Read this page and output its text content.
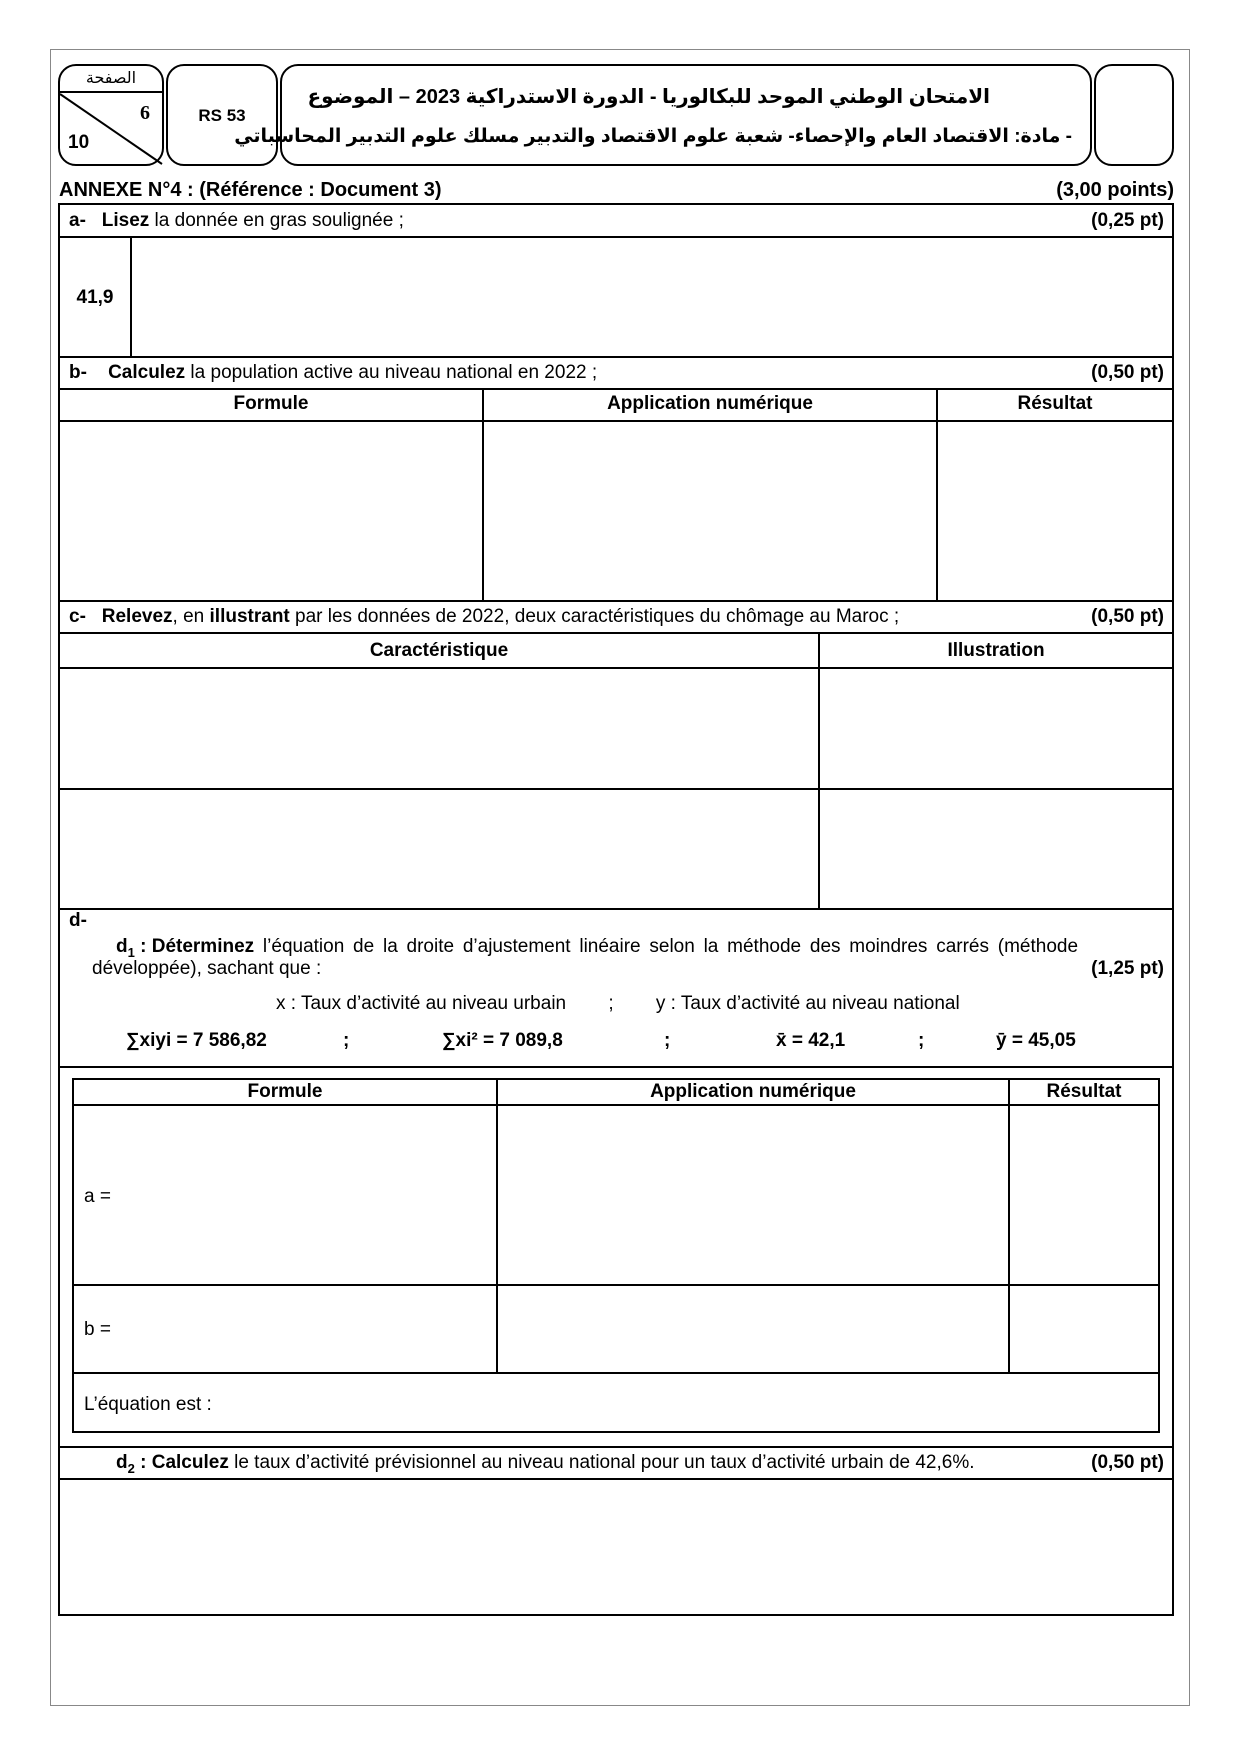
الصفحة
6
10
RS 53
الامتحان الوطني الموحد للبكالوريا - الدورة الاستدراكية 2023 – الموضوع
- مادة: الاقتصاد العام والإحصاء- شعبة علوم الاقتصاد والتدبير مسلك علوم التدبير المحاسباتي
ANNEXE N°4 : (Référence : Document 3)	(3,00 points)
a- Lisez la donnée en gras soulignée ;	(0,25 pt)
41,9
b- Calculez la population active au niveau national en 2022 ;	(0,50 pt)
Formule	Application numérique	Résultat
c- Relevez, en illustrant par les données de 2022, deux caractéristiques du chômage au Maroc ;	(0,50 pt)
Caractéristique	Illustration
d-
$d_1$ : Déterminez l’équation de la droite d’ajustement linéaire selon la méthode des moindres carrés (méthode
développée), sachant que :	(1,25 pt)
x : Taux d’activité au niveau urbain        ;        y : Taux d’activité au niveau national
∑xiyi = 7 586,82	;	∑xi² = 7 089,8	;	x̄ = 42,1	;	ȳ = 45,05
Formule	Application numérique	Résultat
a =
b =
L’équation est :
$d_2$ : Calculez le taux d’activité prévisionnel au niveau national pour un taux d’activité urbain de 42,6%.	(0,50 pt)
